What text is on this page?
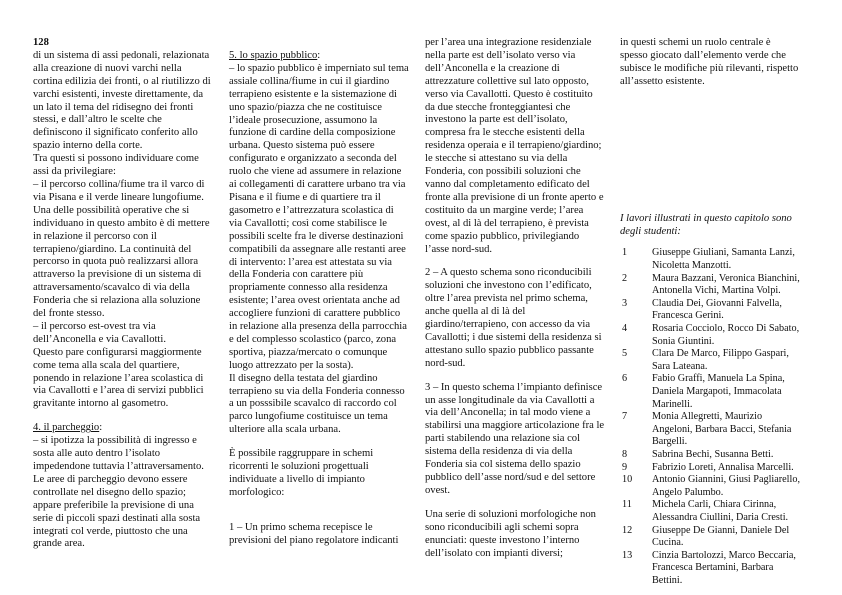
128

di un sistema di assi pedonali, relazionata alla creazione di nuovi varchi nella cortina edilizia dei fronti, o al riutilizzo di varchi esistenti, investe direttamente, da un lato il tema del ridisegno dei fronti stessi, e dall’altro le scelte che definiscono il significato conferito allo spazio interno della corte.

Tra questi si possono individuare come assi da privilegiare:

– il percorso collina/fiume tra il varco di via Pisana e il verde lineare lungofiume. Una delle possibilità operative che si individuano in questo ambito è di mettere in relazione il percorso con il terrapieno/giardino. La continuità del percorso in quota può realizzarsi allora attraverso la previsione di un sistema di attraversamento/scavalco di via della Fonderia che si relaziona alla soluzione del fronte stesso.

– il percorso est-ovest tra via dell’Anconella e via Cavallotti.

Questo pare configurarsi maggiormente come tema alla scala del quartiere, ponendo in relazione l’area scolastica di via Cavallotti e l’area di servizi pubblici gravitante intorno al gasometro.

4. il parcheggio:

– si ipotizza la possibilità di ingresso e sosta alle auto dentro l’isolato impedendone tuttavia l’attraversamento. Le aree di parcheggio devono essere controllate nel disegno dello spazio; appare preferibile la previsione di una serie di piccoli spazi destinati alla sosta integrati col verde, piuttosto che una grande area.

5. lo spazio pubblico:

– lo spazio pubblico è imperniato sul tema assiale collina/fiume in cui il giardino terrapieno esistente e la sistemazione di uno spazio/piazza che ne costituisce l’ideale prosecuzione, assumono la funzione di cardine della composizione urbana. Questo sistema può essere configurato e organizzato a seconda del ruolo che viene ad assumere in relazione ai collegamenti di carattere urbano tra via Pisana e il fiume e di quartiere tra il gasometro e l’attrezzatura scolastica di via Cavallotti; così come stabilisce le possibili scelte fra le diverse destinazioni compatibili da assegnare alle restanti aree di intervento: l’area est attestata su via della Fonderia con carattere più propriamente connesso alla residenza esistente; l’area ovest orientata anche ad accogliere funzioni di carattere pubblico in relazione alla presenza della parrocchia e del complesso scolastico (parco, zona sportiva, piazza/mercato o comunque luogo attrezzato per la sosta).

Il disegno della testata del giardino terrapieno su via della Fonderia connesso a un posssibile scavalco di raccordo col parco lungofiume costituisce un tema ulteriore alla scala urbana.

È possibile raggruppare in schemi ricorrenti le soluzioni progettuali individuate a livello di impianto morfologico:

1 – Un primo schema recepisce le previsioni del piano regolatore indicanti

per l’area una integrazione residenziale nella parte est dell’isolato verso via dell’Anconella e la creazione di attrezzature collettive sul lato opposto, verso via Cavallotti. Questo è costituito da due stecche fronteggiantesi che investono la parte est dell’isolato, compresa fra le stecche esistenti della residenza operaia e il terrapieno/giardino; le stecche si attestano su via della Fonderia, con possibili soluzioni che vanno dal completamento edificato del fronte alla previsione di un fronte aperto e costituito da un margine verde; l’area ovest, al di là del terrapieno, è prevista come spazio pubblico, privilegiando l’asse nord-sud.

2 – A questo schema sono riconducibili soluzioni che investono con l’edificato, oltre l’area prevista nel primo schema, anche quella al di là del giardino/terrapieno, con accesso da via Cavallotti; i due sistemi della residenza si attestano sullo spazio pubblico passante nord-sud.

3 – In questo schema l’impianto definisce un asse longitudinale da via Cavallotti a via dell’Anconella; in tal modo viene a stabilirsi una maggiore articolazione fra le parti stabilendo una relazione sia col sistema della residenza di via della Fonderia sia col sistema dello spazio pubblico dell’asse nord/sud e del settore ovest.

Una serie di soluzioni morfologiche non sono riconducibili agli schemi sopra enunciati: queste investono l’interno dell’isolato con impianti diversi;

in questi schemi un ruolo centrale è spesso giocato dall’elemento verde che subisce le modifiche più rilevanti, rispetto all’assetto esistente.

I lavori illustrati in questo capitolo sono degli studenti:

1	Giuseppe Giuliani, Samanta Lanzi, Nicoletta Manzotti.
2	Maura Bazzani, Veronica Bianchini, Antonella Vichi, Martina Volpi.
3	Claudia Dei, Giovanni Falvella, Francesca Gerini.
4	Rosaria Cocciolo, Rocco Di Sabato, Sonia Giuntini.
5	Clara De Marco, Filippo Gaspari, Sara Lateana.
6	Fabio Graffi, Manuela La Spina, Daniela Margapoti, Immacolata Marinelli.
7	Monia Allegretti, Maurizio Angeloni, Barbara Bacci, Stefania Bargelli.
8	Sabrina Bechi, Susanna Betti.
9	Fabrizio Loreti, Annalisa Marcelli.
10	Antonio Giannini, Giusi Pagliarello, Angelo Palumbo.
11	Michela Carli, Chiara Cirinna, Alessandra Ciullini, Daria Cresti.
12	Giuseppe De Gianni, Daniele Del Cucina.
13	Cinzia Bartolozzi, Marco Beccaria, Francesca Bertamini, Barbara Bettini.
